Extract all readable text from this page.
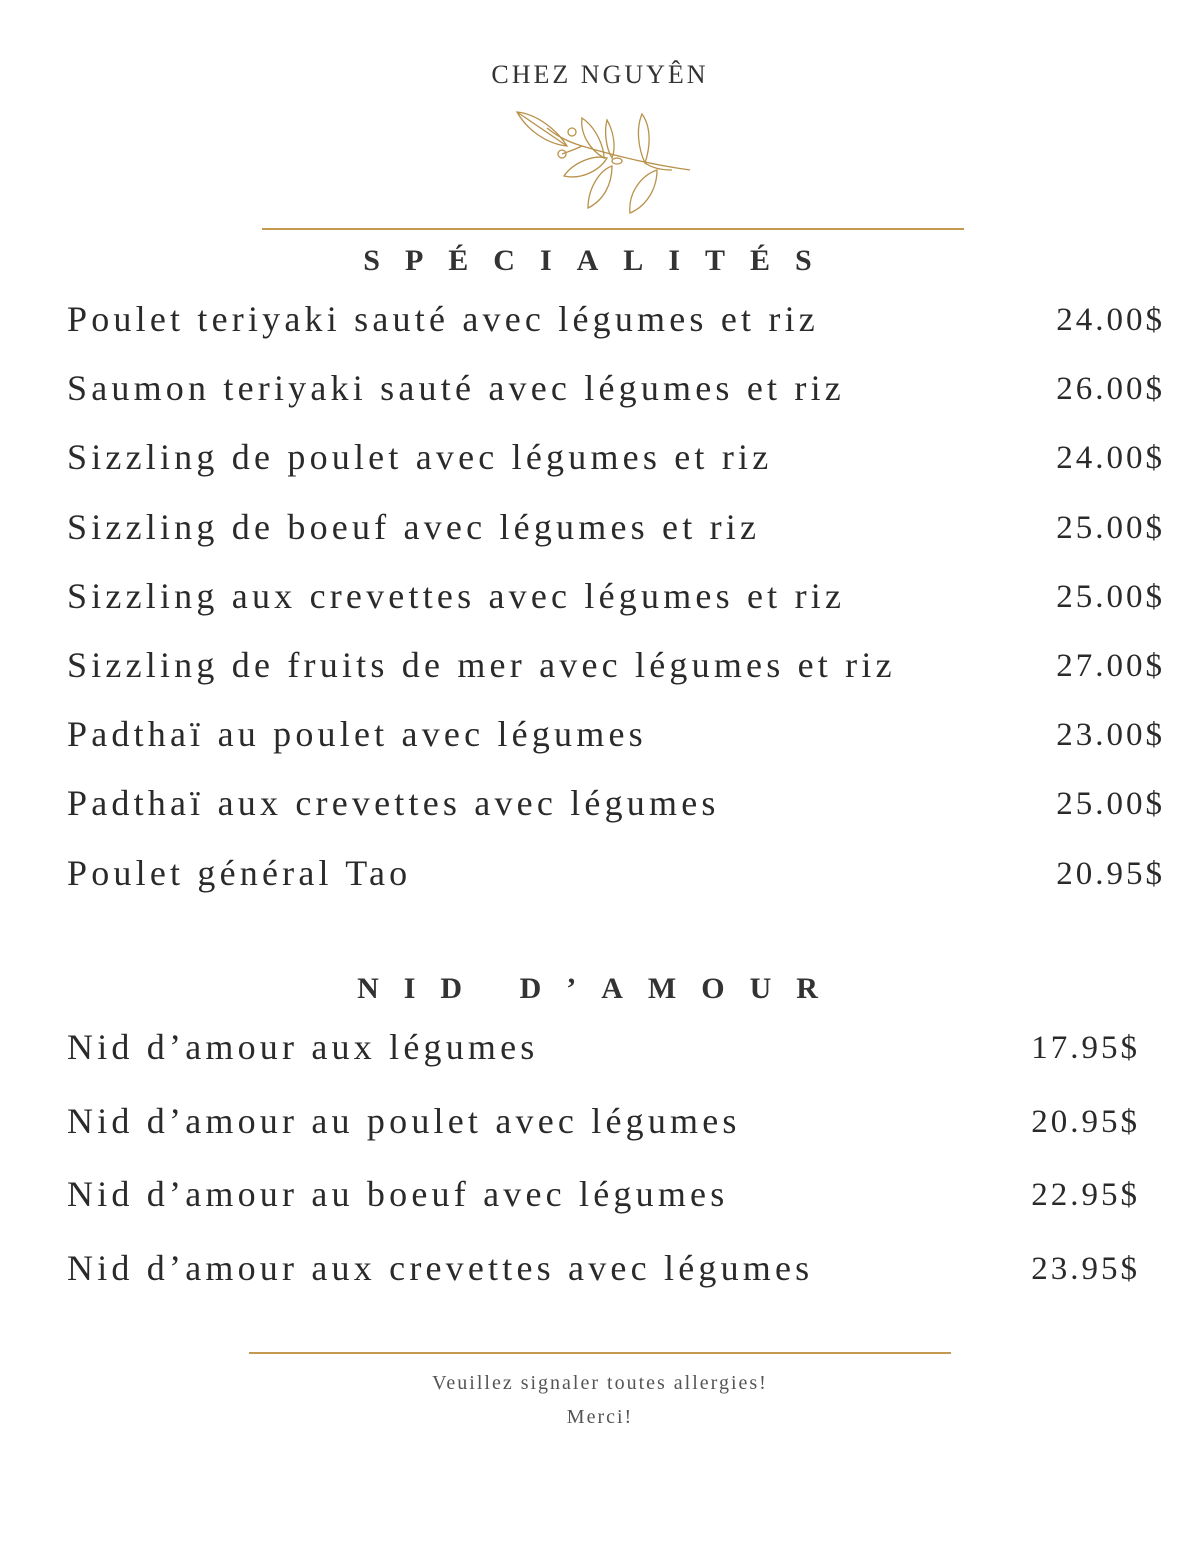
CHEZ NGUYÊN
SPÉCIALITÉS
Poulet teriyaki sauté avec légumes et riz	24.00$
Saumon teriyaki sauté avec légumes et riz	26.00$
Sizzling de poulet avec légumes et riz	24.00$
Sizzling de boeuf avec légumes et riz	25.00$
Sizzling aux crevettes avec légumes et riz	25.00$
Sizzling de fruits de mer avec légumes et riz	27.00$
Padthaï au poulet avec légumes	23.00$
Padthaï aux crevettes avec légumes	25.00$
Poulet général Tao	20.95$
NID D’AMOUR
Nid d’amour aux légumes	17.95$
Nid d’amour au poulet avec légumes	20.95$
Nid d’amour au boeuf avec légumes	22.95$
Nid d’amour aux crevettes avec légumes	23.95$
Veuillez signaler toutes allergies!
Merci!
